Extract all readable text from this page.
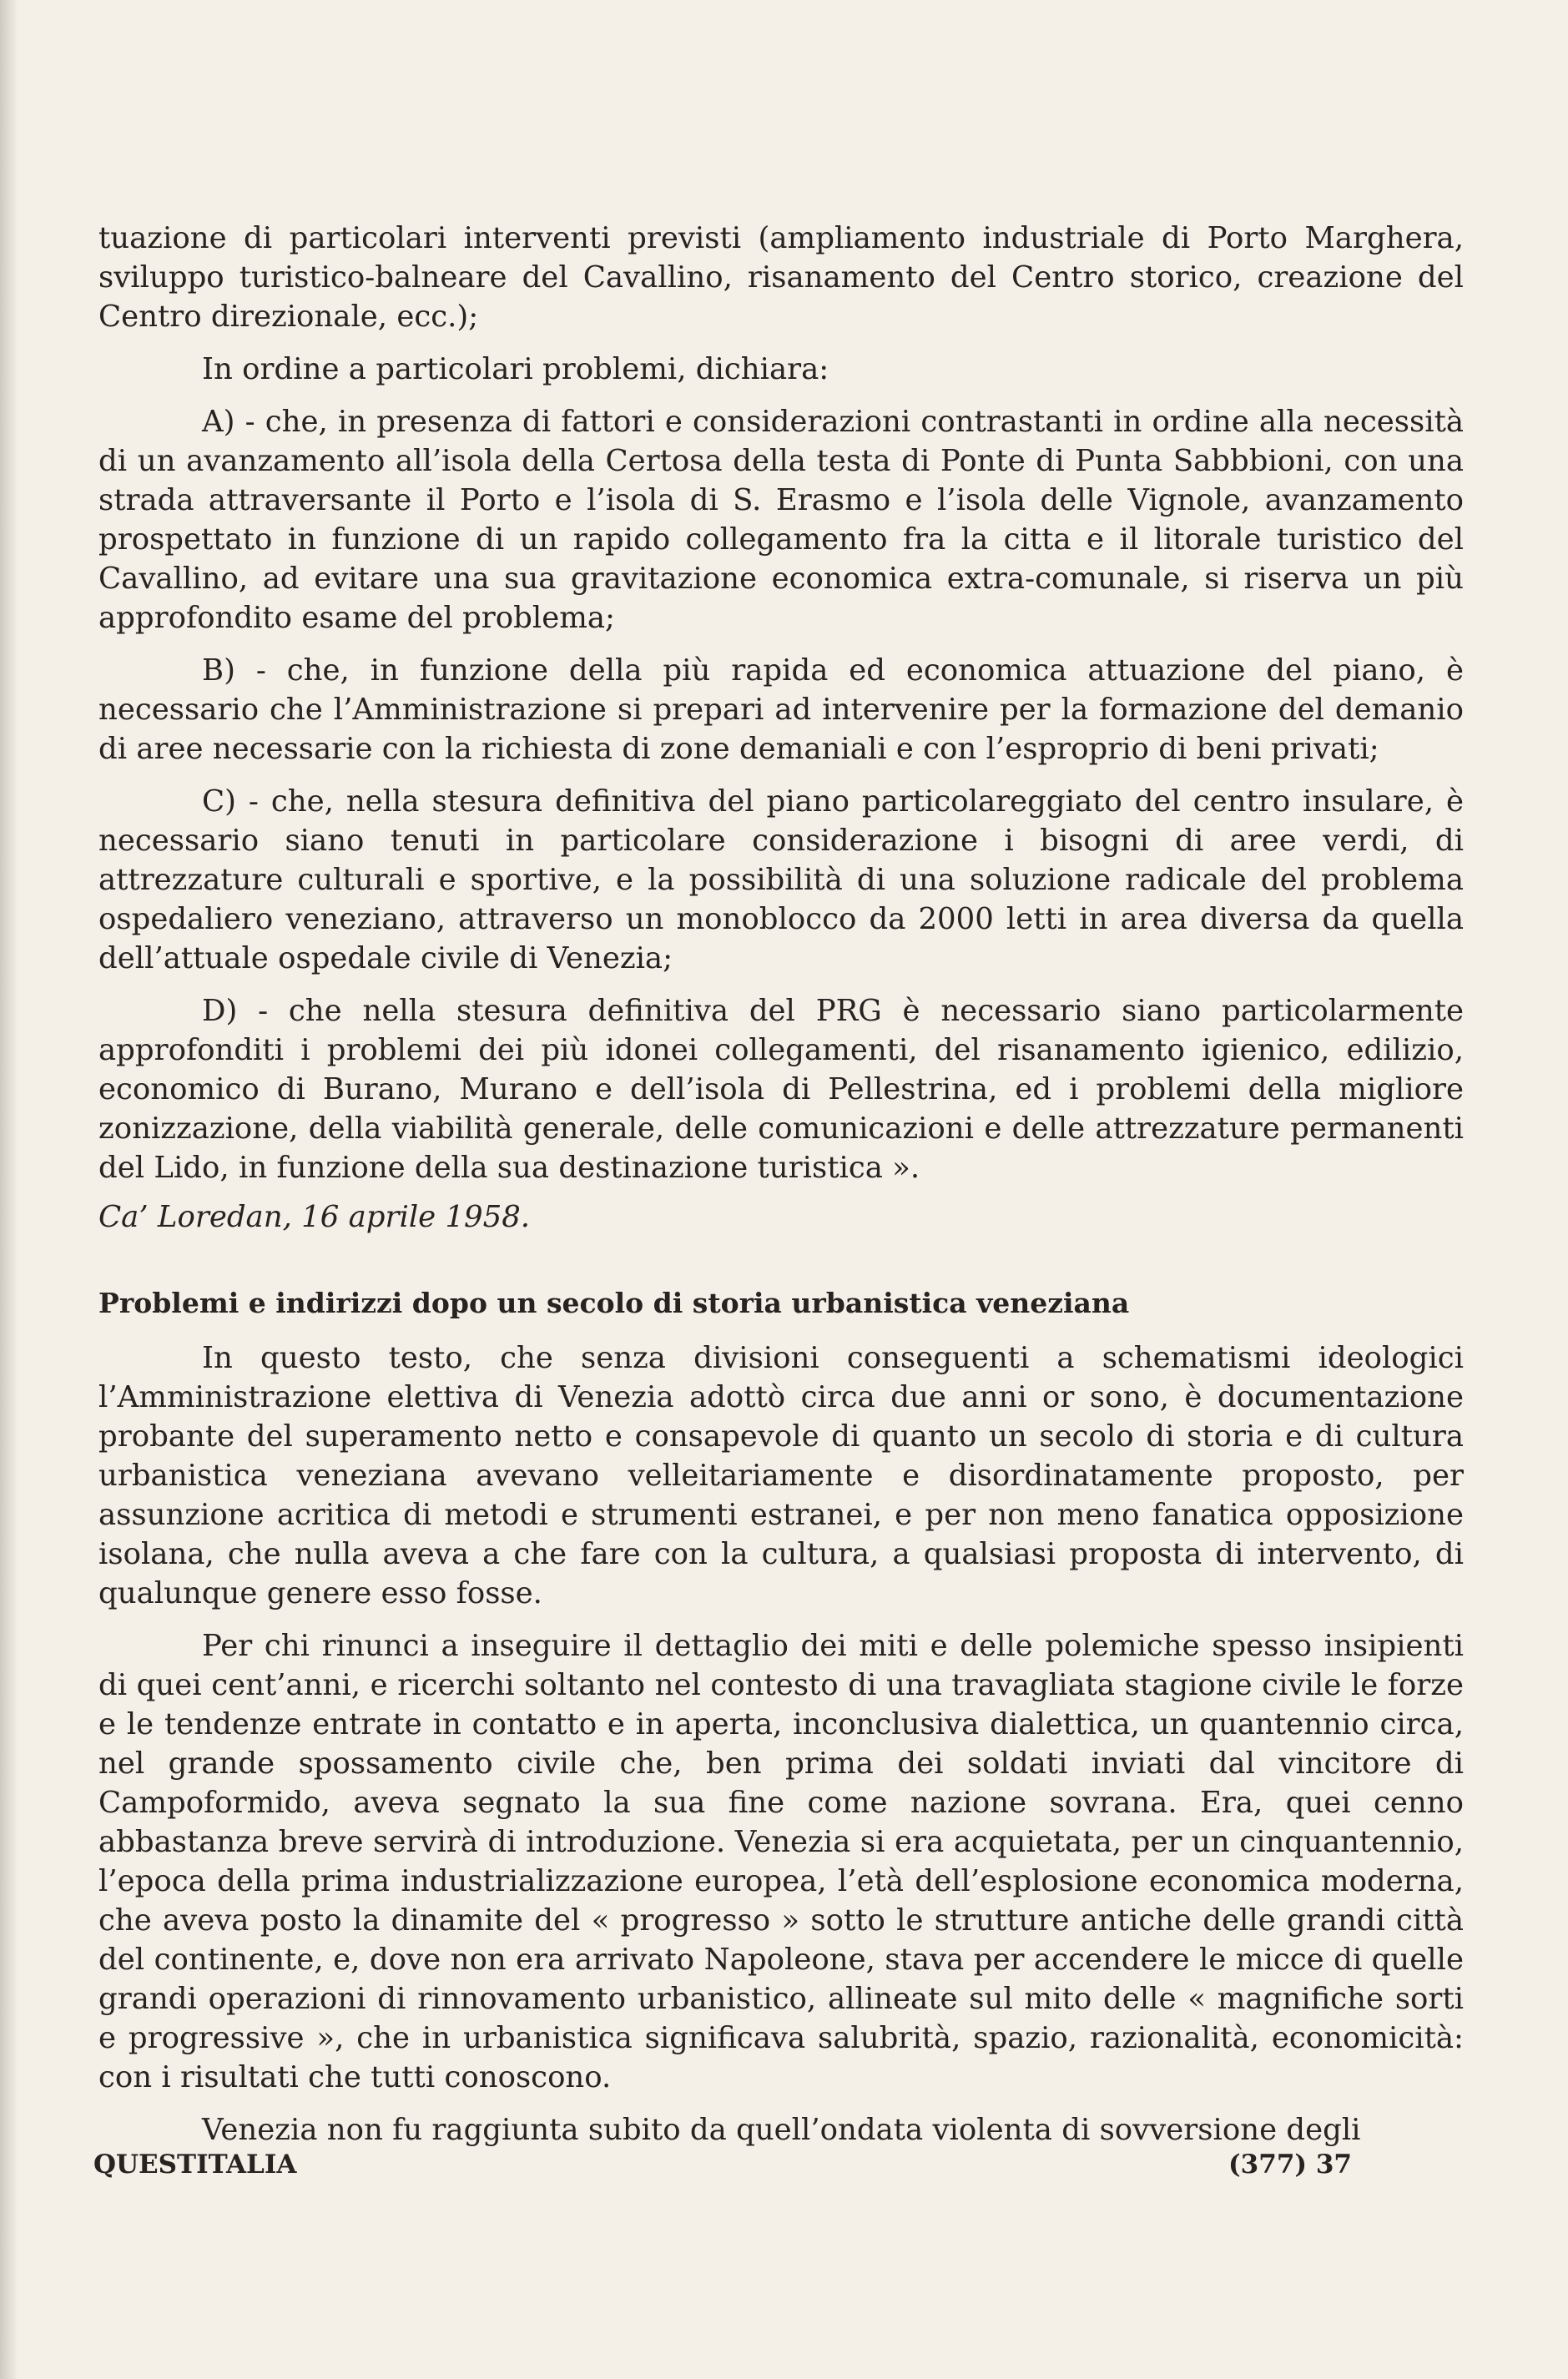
tuazione di particolari interventi previsti (ampliamento industriale di Porto Marghera, sviluppo turistico-balneare del Cavallino, risanamento del Centro storico, creazione del Centro direzionale, ecc.);

In ordine a particolari problemi, dichiara:

A) - che, in presenza di fattori e considerazioni contrastanti in ordine alla necessità di un avanzamento all’isola della Certosa della testa di Ponte di Punta Sabbbioni, con una strada attraversante il Porto e l’isola di S. Erasmo e l’isola delle Vignole, avanzamento prospettato in funzione di un rapido collegamento fra la citta e il litorale turistico del Cavallino, ad evitare una sua gravitazione economica extra-comunale, si riserva un più approfondito esame del problema;

B) - che, in funzione della più rapida ed economica attuazione del piano, è necessario che l’Amministrazione si prepari ad intervenire per la formazione del demanio di aree necessarie con la richiesta di zone demaniali e con l’esproprio di beni privati;

C) - che, nella stesura definitiva del piano particolareggiato del centro insulare, è necessario siano tenuti in particolare considerazione i bisogni di aree verdi, di attrezzature culturali e sportive, e la possibilità di una soluzione radicale del problema ospedaliero veneziano, attraverso un monoblocco da 2000 letti in area diversa da quella dell’attuale ospedale civile di Venezia;

D) - che nella stesura definitiva del PRG è necessario siano particolarmente approfonditi i problemi dei più idonei collegamenti, del risanamento igienico, edilizio, economico di Burano, Murano e dell’isola di Pellestrina, ed i problemi della migliore zonizzazione, della viabilità generale, delle comunicazioni e delle attrezzature permanenti del Lido, in funzione della sua destinazione turistica ».

Ca’ Loredan, 16 aprile 1958.

Problemi e indirizzi dopo un secolo di storia urbanistica veneziana

In questo testo, che senza divisioni conseguenti a schematismi ideologici l’Amministrazione elettiva di Venezia adottò circa due anni or sono, è documentazione probante del superamento netto e consapevole di quanto un secolo di storia e di cultura urbanistica veneziana avevano velleitariamente e disordinatamente proposto, per assunzione acritica di metodi e strumenti estranei, e per non meno fanatica opposizione isolana, che nulla aveva a che fare con la cultura, a qualsiasi proposta di intervento, di qualunque genere esso fosse.

Per chi rinunci a inseguire il dettaglio dei miti e delle polemiche spesso insipienti di quei cent’anni, e ricerchi soltanto nel contesto di una travagliata stagione civile le forze e le tendenze entrate in contatto e in aperta, inconclusiva dialettica, un quantennio circa, nel grande spossamento civile che, ben prima dei soldati inviati dal vincitore di Campoformido, aveva segnato la sua fine come nazione sovrana. Era, quei cenno abbastanza breve servirà di introduzione. Venezia si era acquietata, per un cinquantennio, l’epoca della prima industrializzazione europea, l’età dell’esplosione economica moderna, che aveva posto la dinamite del « progresso » sotto le strutture antiche delle grandi città del continente, e, dove non era arrivato Napoleone, stava per accendere le micce di quelle grandi operazioni di rinnovamento urbanistico, allineate sul mito delle « magnifiche sorti e progressive », che in urbanistica significava salubrità, spazio, razionalità, economicità: con i risultati che tutti conoscono.

Venezia non fu raggiunta subito da quell’ondata violenta di sovversione degli

QUESTITALIA	(377) 37
